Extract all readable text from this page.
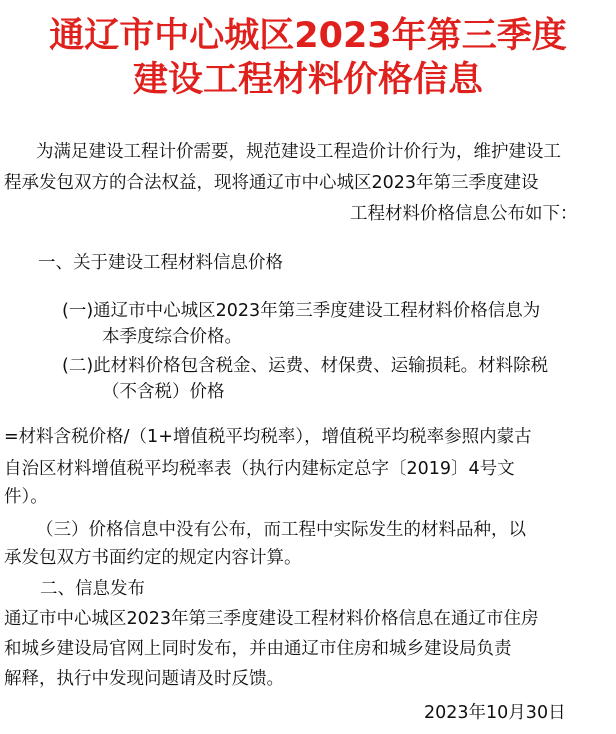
通辽市中心城区2023年第三季度
建设工程材料价格信息
为满足建设工程计价需要，规范建设工程造价计价行为，维护建设工
程承发包双方的合法权益，现将通辽市中心城区2023年第三季度建设
工程材料价格信息公布如下：
一、关于建设工程材料信息价格
(一)通辽市中心城区2023年第三季度建设工程材料价格信息为
本季度综合价格。
(二)此材料价格包含税金、运费、材保费、运输损耗。材料除税
（不含税）价格
=材料含税价格/（1+增值税平均税率），增值税平均税率参照内蒙古
自治区材料增值税平均税率表（执行内建标定总字〔2019〕4号文
件）。
（三）价格信息中没有公布，而工程中实际发生的材料品种，以
承发包双方书面约定的规定内容计算。
二、信息发布
通辽市中心城区2023年第三季度建设工程材料价格信息在通辽市住房
和城乡建设局官网上同时发布，并由通辽市住房和城乡建设局负责
解释，执行中发现问题请及时反馈。
2023年10月30日
